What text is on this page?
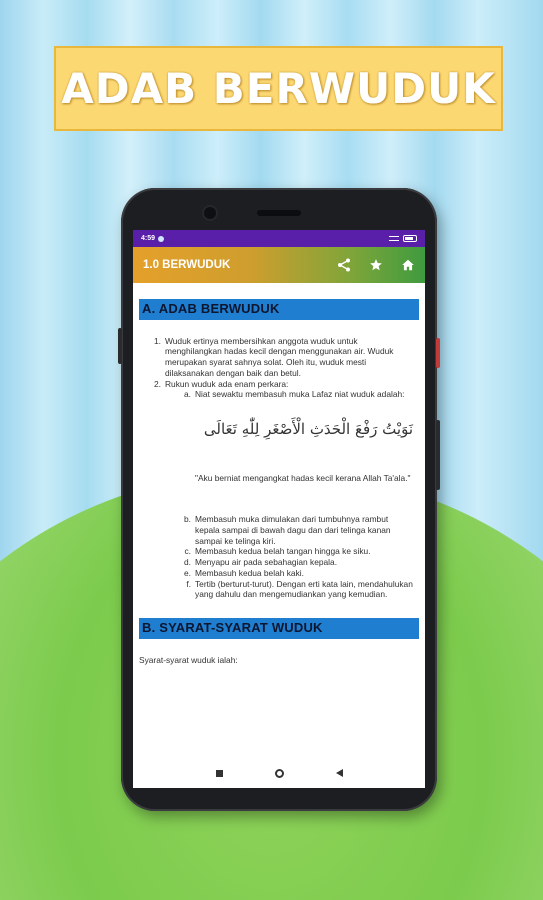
ADAB BERWUDUK
4:59
1.0 BERWUDUK
A. ADAB BERWUDUK
1. Wuduk ertinya membersihkan anggota wuduk untuk menghilangkan hadas kecil dengan menggunakan air. Wuduk merupakan syarat sahnya solat. Oleh itu, wuduk mesti dilaksanakan dengan baik dan betul.
2. Rukun wuduk ada enam perkara:
a. Niat sewaktu membasuh muka Lafaz niat wuduk adalah:
نَوَيْتُ رَفْعَ الْحَدَثِ الْأَصْغَرِ لِلّٰهِ تَعَالَى
"Aku berniat mengangkat hadas kecil kerana Allah Ta'ala."
b. Membasuh muka dimulakan dari tumbuhnya rambut kepala sampai di bawah dagu dan dari telinga kanan sampai ke telinga kiri.
c. Membasuh kedua belah tangan hingga ke siku.
d. Menyapu air pada sebahagian kepala.
e. Membasuh kedua belah kaki.
f. Tertib (berturut-turut). Dengan erti kata lain, mendahulukan yang dahulu dan mengemudiankan yang kemudian.
B. SYARAT-SYARAT WUDUK
Syarat-syarat wuduk ialah:
